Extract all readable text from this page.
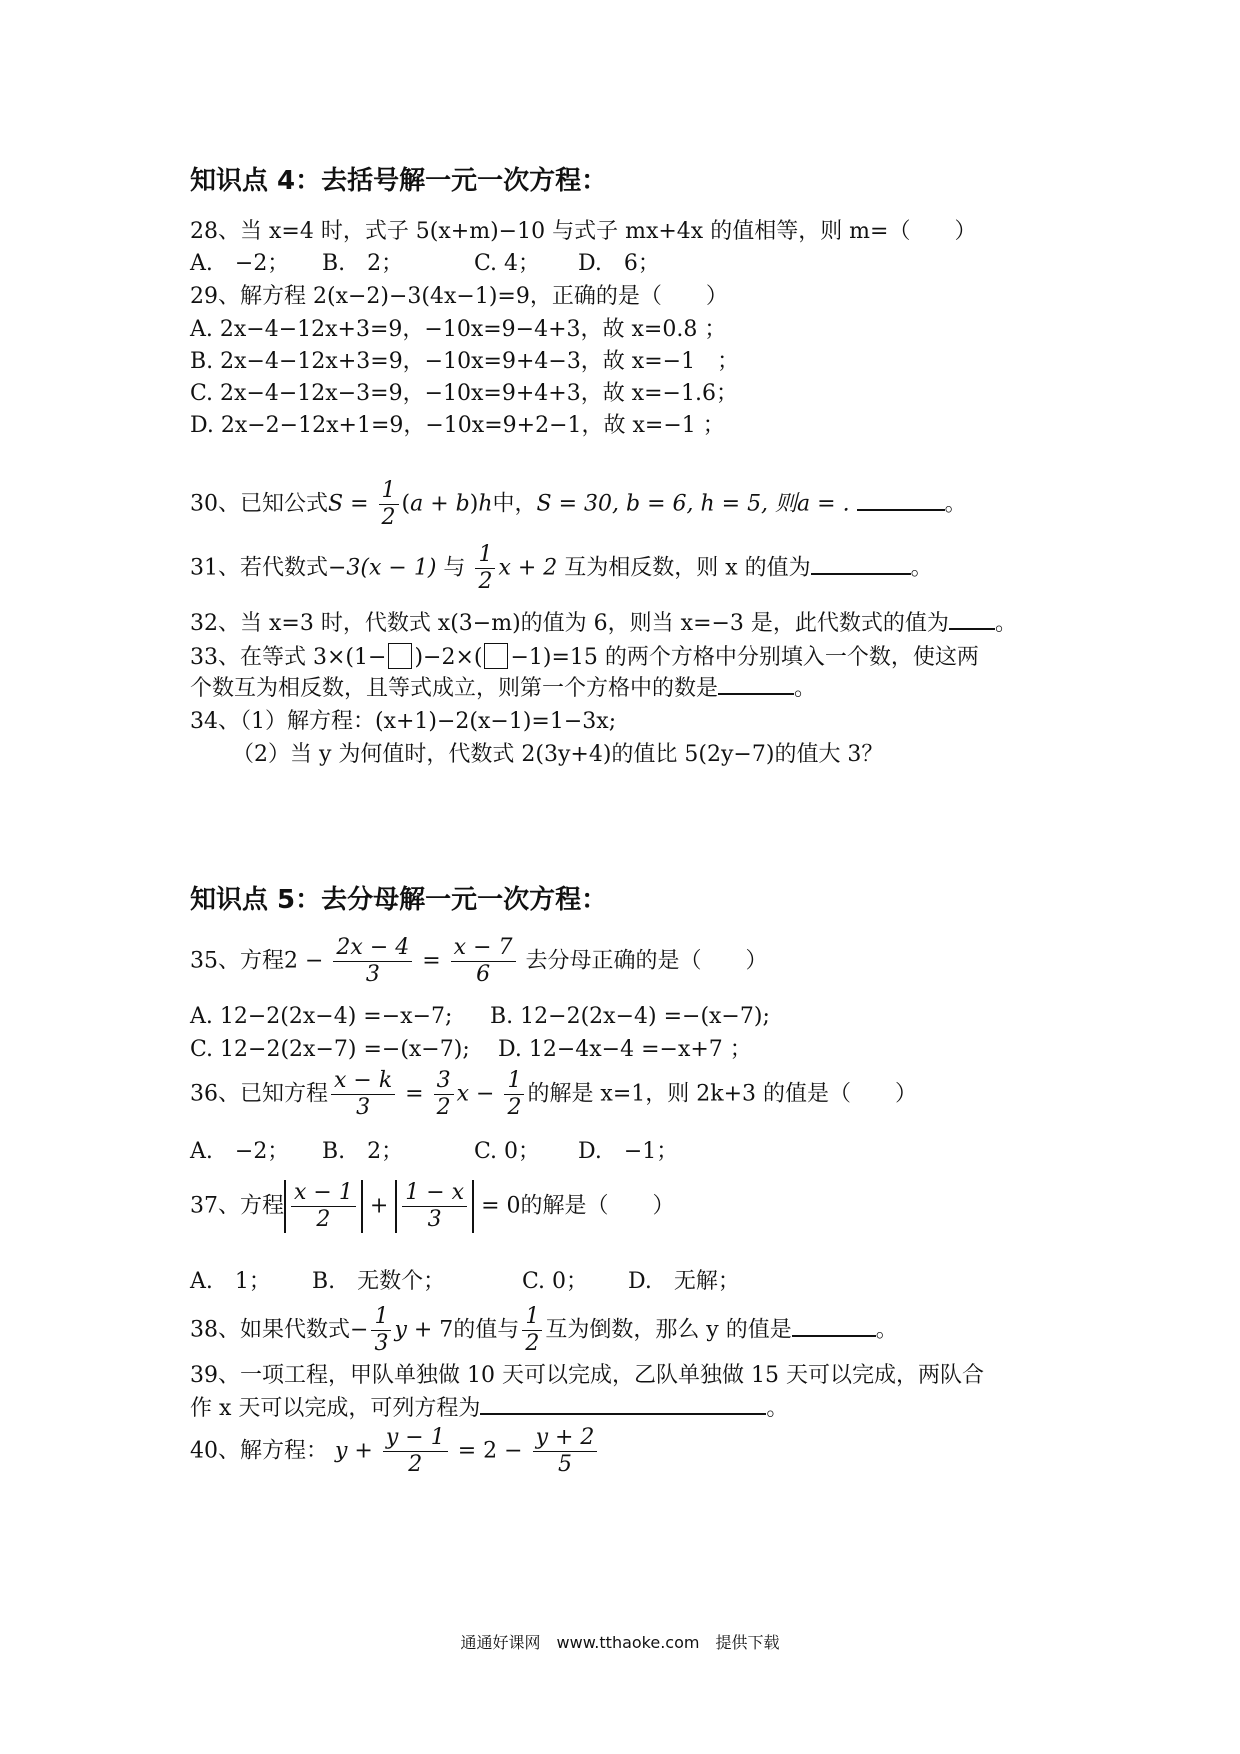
知识点 4：去括号解一元一次方程：
28、当 x=4 时，式子 5(x+m)−10 与式子 mx+4x 的值相等，则 m=（　　）
A.　−2； B.　2；	C. 4； D.　6；
29、解方程 2(x−2)−3(4x−1)=9，正确的是（　　）
A. 2x−4−12x+3=9，−10x=9−4+3，故 x=0.8 ；
B. 2x−4−12x+3=9，−10x=9+4−3，故 x=−1　；
C. 2x−4−12x−3=9，−10x=9+4+3，故 x=−1.6；
D. 2x−2−12x+1=9，−10x=9+2−1，故 x=−1 ；
30、已知公式$S = \frac{1}{2} (a + b)h$中，S = 30, b = 6, h = 5, 则a = .	。
31、若代数式−3(x − 1) 与 $\frac{1}{2}$ x + 2 互为相反数，则 x 的值为	。
32、当 x=3 时，代数式 x(3−m)的值为 6，则当 x=−3 是，此代数式的值为 。
33、在等式 3×(1− )−2×( −1)=15 的两个方格中分别填入一个数，使这两
个数互为相反数，且等式成立，则第一个方格中的数是	。
34、（1）解方程：(x+1)−2(x−1)=1−3x;
（2）当 y 为何值时，代数式 2(3y+4)的值比 5(2y−7)的值大 3？
知识点 5：去分母解一元一次方程：
35、方程$2 - \frac{2x - 4}{3} = \frac{x - 7}{6}$ 去分母正确的是（　　）
A. 12−2(2x−4) =−x−7; B. 12−2(2x−4) =−(x−7);
C. 12−2(2x−7) =−(x−7); D. 12−4x−4 =−x+7 ；
36、已知方程 $\frac{x - k}{3} = \frac{3}{2}$ $x - \frac{1}{2}$ 的解是 x=1，则 2k+3 的值是（　　）
A.　−2； B.　2；	C. 0； D.　−1；
37、方程 $\frac{x - 1}{2} + \frac{1 - x}{3} = 0$的解是（　　）
A.　1； B.　无数个；	C. 0； D.　无解；
38、如果代数式− $\frac{1}{3}$ y + 7的值与 $\frac{1}{2}$ 互为倒数，那么 y 的值是	。
39、一项工程，甲队单独做 10 天可以完成，乙队单独做 15 天可以完成，两队合
作 x 天可以完成，可列方程为	。
40、解方程： $y + \frac{y - 1}{2} = 2 - \frac{y + 2}{5}$
通通好课网　www.tthaoke.com　提供下载
